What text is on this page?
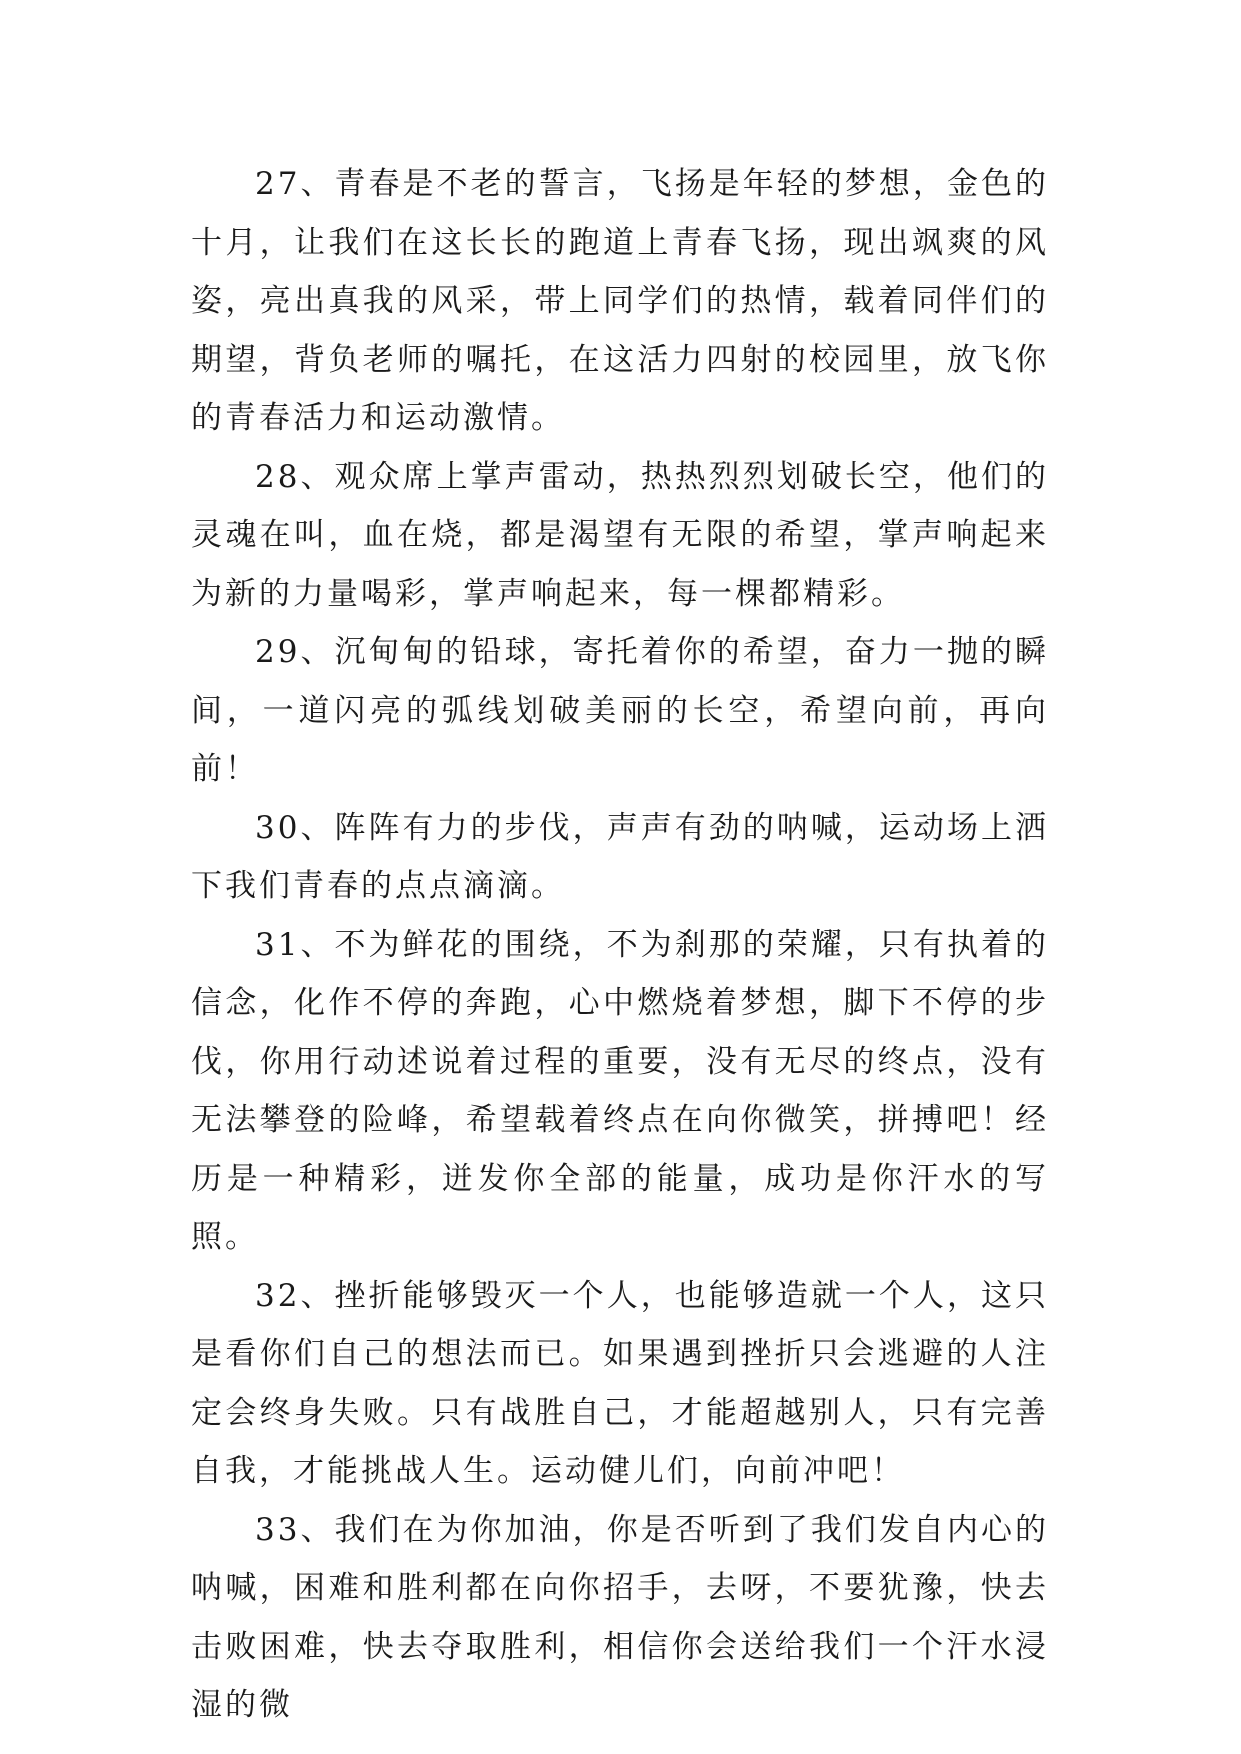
27、青春是不老的誓言，飞扬是年轻的梦想，金色的十月，让我们在这长长的跑道上青春飞扬，现出飒爽的风姿，亮出真我的风采，带上同学们的热情，载着同伴们的期望，背负老师的嘱托，在这活力四射的校园里，放飞你的青春活力和运动激情。

28、观众席上掌声雷动，热热烈烈划破长空，他们的灵魂在叫，血在烧，都是渴望有无限的希望，掌声响起来为新的力量喝彩，掌声响起来，每一棵都精彩。

29、沉甸甸的铅球，寄托着你的希望，奋力一抛的瞬间，一道闪亮的弧线划破美丽的长空，希望向前，再向前！

30、阵阵有力的步伐，声声有劲的呐喊，运动场上洒下我们青春的点点滴滴。

31、不为鲜花的围绕，不为刹那的荣耀，只有执着的信念，化作不停的奔跑，心中燃烧着梦想，脚下不停的步伐，你用行动述说着过程的重要，没有无尽的终点，没有无法攀登的险峰，希望载着终点在向你微笑，拼搏吧！经历是一种精彩，迸发你全部的能量，成功是你汗水的写照。

32、挫折能够毁灭一个人，也能够造就一个人，这只是看你们自己的想法而已。如果遇到挫折只会逃避的人注定会终身失败。只有战胜自己，才能超越别人，只有完善自我，才能挑战人生。运动健儿们，向前冲吧！

33、我们在为你加油，你是否听到了我们发自内心的呐喊，困难和胜利都在向你招手，去呀，不要犹豫，快去击败困难，快去夺取胜利，相信你会送给我们一个汗水浸湿的微
